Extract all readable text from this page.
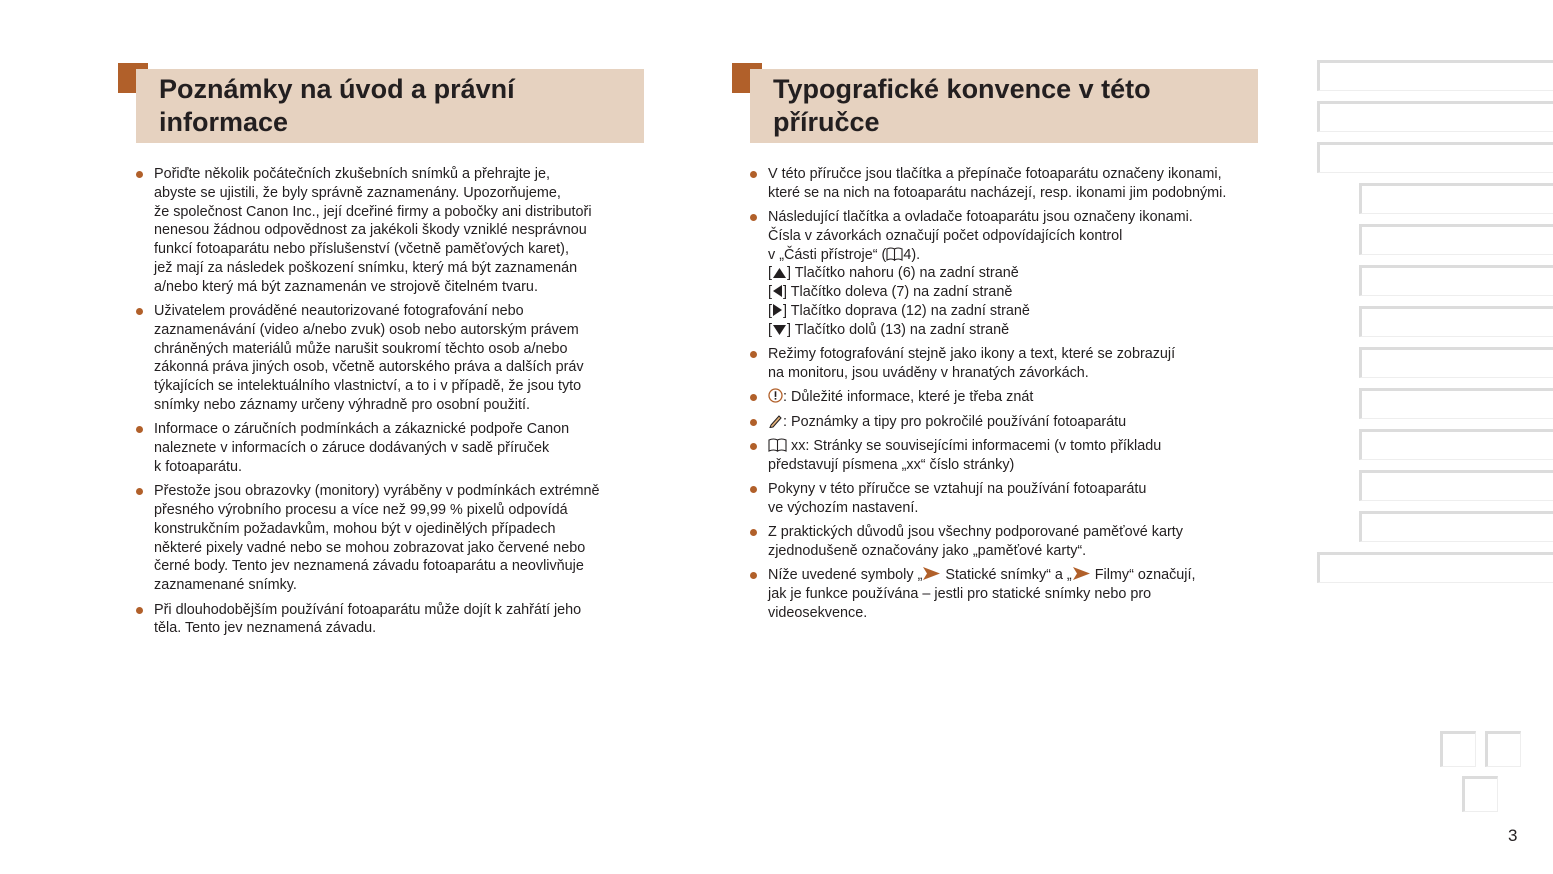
Poznámky na úvod a právní
informace
Pořiďte několik počátečních zkušebních snímků a přehrajte je,
abyste se ujistili, že byly správně zaznamenány. Upozorňujeme,
že společnost Canon Inc., její dceřiné firmy a pobočky ani distributoři
nenesou žádnou odpovědnost za jakékoli škody vzniklé nesprávnou
funkcí fotoaparátu nebo příslušenství (včetně paměťových karet),
jež mají za následek poškození snímku, který má být zaznamenán
a/nebo který má být zaznamenán ve strojově čitelném tvaru.
Uživatelem prováděné neautorizované fotografování nebo
zaznamenávání (video a/nebo zvuk) osob nebo autorským právem
chráněných materiálů může narušit soukromí těchto osob a/nebo
zákonná práva jiných osob, včetně autorského práva a dalších práv
týkajících se intelektuálního vlastnictví, a to i v případě, že jsou tyto
snímky nebo záznamy určeny výhradně pro osobní použití.
Informace o záručních podmínkách a zákaznické podpoře Canon
naleznete v informacích o záruce dodávaných v sadě příruček
k fotoaparátu.
Přestože jsou obrazovky (monitory) vyráběny v podmínkách extrémně
přesného výrobního procesu a více než 99,99 % pixelů odpovídá
konstrukčním požadavkům, mohou být v ojedinělých případech
některé pixely vadné nebo se mohou zobrazovat jako červené nebo
černé body. Tento jev neznamená závadu fotoaparátu a neovlivňuje
zaznamenané snímky.
Při dlouhodobějším používání fotoaparátu může dojít k zahřátí jeho
těla. Tento jev neznamená závadu.
Typografické konvence v této
příručce
V této příručce jsou tlačítka a přepínače fotoaparátu označeny ikonami,
které se na nich na fotoaparátu nacházejí, resp. ikonami jim podobnými.
Následující tlačítka a ovladače fotoaparátu jsou označeny ikonami.
Čísla v závorkách označují počet odpovídajících kontrol
v „Části přístroje“ ( 4).
[ ] Tlačítko nahoru (6) na zadní straně
[ ] Tlačítko doleva (7) na zadní straně
[ ] Tlačítko doprava (12) na zadní straně
[ ] Tlačítko dolů (13) na zadní straně
Režimy fotografování stejně jako ikony a text, které se zobrazují
na monitoru, jsou uváděny v hranatých závorkách.
: Důležité informace, které je třeba znát
: Poznámky a tipy pro pokročilé používání fotoaparátu
xx: Stránky se souvisejícími informacemi (v tomto příkladu
představují písmena „xx“ číslo stránky)
Pokyny v této příručce se vztahují na používání fotoaparátu
ve výchozím nastavení.
Z praktických důvodů jsou všechny podporované paměťové karty
zjednodušeně označovány jako „paměťové karty“.
Níže uvedené symboly „ Statické snímky“ a „ Filmy“ označují,
jak je funkce používána – jestli pro statické snímky nebo pro
videosekvence.
3
